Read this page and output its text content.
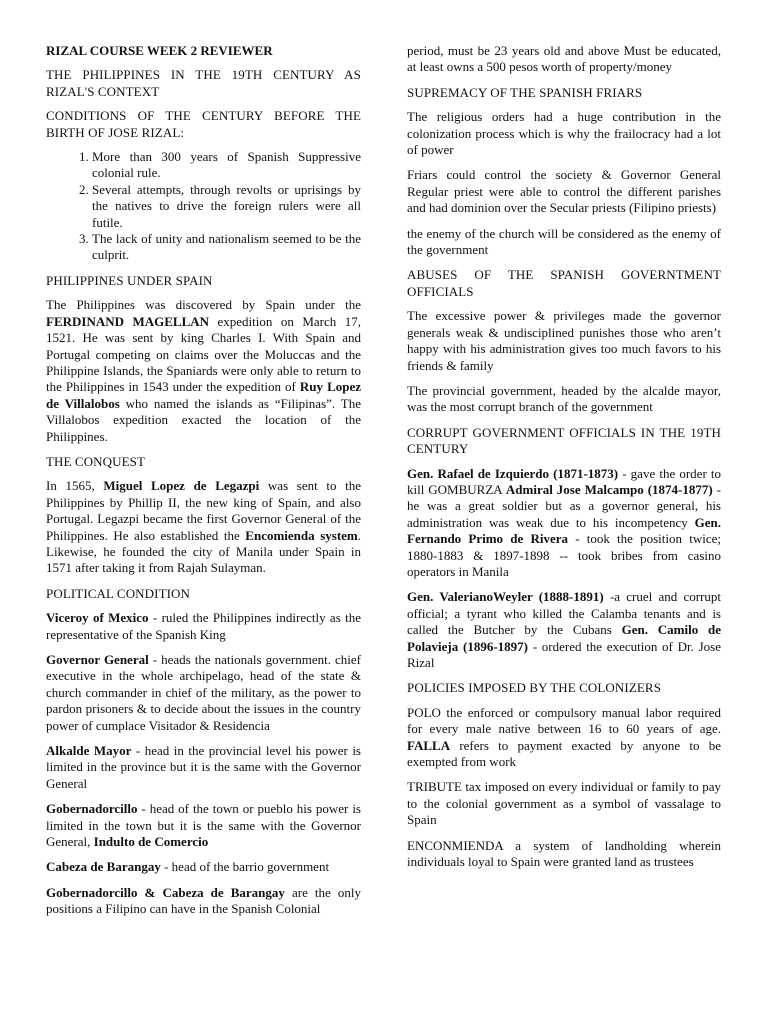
RIZAL COURSE WEEK 2 REVIEWER

THE PHILIPPINES IN THE 19TH CENTURY AS RIZAL'S CONTEXT

CONDITIONS OF THE CENTURY BEFORE THE BIRTH OF JOSE RIZAL:

1. More than 300 years of Spanish Suppressive colonial rule.
2. Several attempts, through revolts or uprisings by the natives to drive the foreign rulers were all futile.
3. The lack of unity and nationalism seemed to be the culprit.

PHILIPPINES UNDER SPAIN

The Philippines was discovered by Spain under the FERDINAND MAGELLAN expedition on March 17, 1521. He was sent by king Charles I. With Spain and Portugal competing on claims over the Moluccas and the Philippine Islands, the Spaniards were only able to return to the Philippines in 1543 under the expedition of Ruy Lopez de Villalobos who named the islands as “Filipinas”. The Villalobos expedition exacted the location of the Philippines.

THE CONQUEST

In 1565, Miguel Lopez de Legazpi was sent to the Philippines by Phillip II, the new king of Spain, and also Portugal. Legazpi became the first Governor General of the Philippines. He also established the Encomienda system. Likewise, he founded the city of Manila under Spain in 1571 after taking it from Rajah Sulayman.

POLITICAL CONDITION

Viceroy of Mexico - ruled the Philippines indirectly as the representative of the Spanish King

Governor General - heads the nationals government. chief executive in the whole archipelago, head of the state & church commander in chief of the military, as the power to pardon prisoners & to decide about the issues in the country power of cumplace Visitador & Residencia

Alkalde Mayor - head in the provincial level his power is limited in the province but it is the same with the Governor General

Gobernadorcillo - head of the town or pueblo his power is limited in the town but it is the same with the Governor General, Indulto de Comercio

Cabeza de Barangay - head of the barrio government

Gobernadorcillo & Cabeza de Barangay are the only positions a Filipino can have in the Spanish Colonial

period, must be 23 years old and above Must be educated, at least owns a 500 pesos worth of property/money

SUPREMACY OF THE SPANISH FRIARS

The religious orders had a huge contribution in the colonization process which is why the frailocracy had a lot of power

Friars could control the society & Governor General Regular priest were able to control the different parishes and had dominion over the Secular priests (Filipino priests)

the enemy of the church will be considered as the enemy of the government

ABUSES OF THE SPANISH GOVERNTMENT OFFICIALS

The excessive power & privileges made the governor generals weak & undisciplined punishes those who aren’t happy with his administration gives too much favors to his friends & family

The provincial government, headed by the alcalde mayor, was the most corrupt branch of the government

CORRUPT GOVERNMENT OFFICIALS IN THE 19TH CENTURY

Gen. Rafael de Izquierdo (1871-1873) - gave the order to kill GOMBURZA Admiral Jose Malcampo (1874-1877) - he was a great soldier but as a governor general, his administration was weak due to his incompetency Gen. Fernando Primo de Rivera - took the position twice; 1880-1883 & 1897-1898 -- took bribes from casino operators in Manila

Gen. ValerianoWeyler (1888-1891) -a cruel and corrupt official; a tyrant who killed the Calamba tenants and is called the Butcher by the Cubans Gen. Camilo de Polavieja (1896-1897) - ordered the execution of Dr. Jose Rizal

POLICIES IMPOSED BY THE COLONIZERS

POLO the enforced or compulsory manual labor required for every male native between 16 to 60 years of age. FALLA refers to payment exacted by anyone to be exempted from work

TRIBUTE tax imposed on every individual or family to pay to the colonial government as a symbol of vassalage to Spain

ENCONMIENDA a system of landholding wherein individuals loyal to Spain were granted land as trustees
